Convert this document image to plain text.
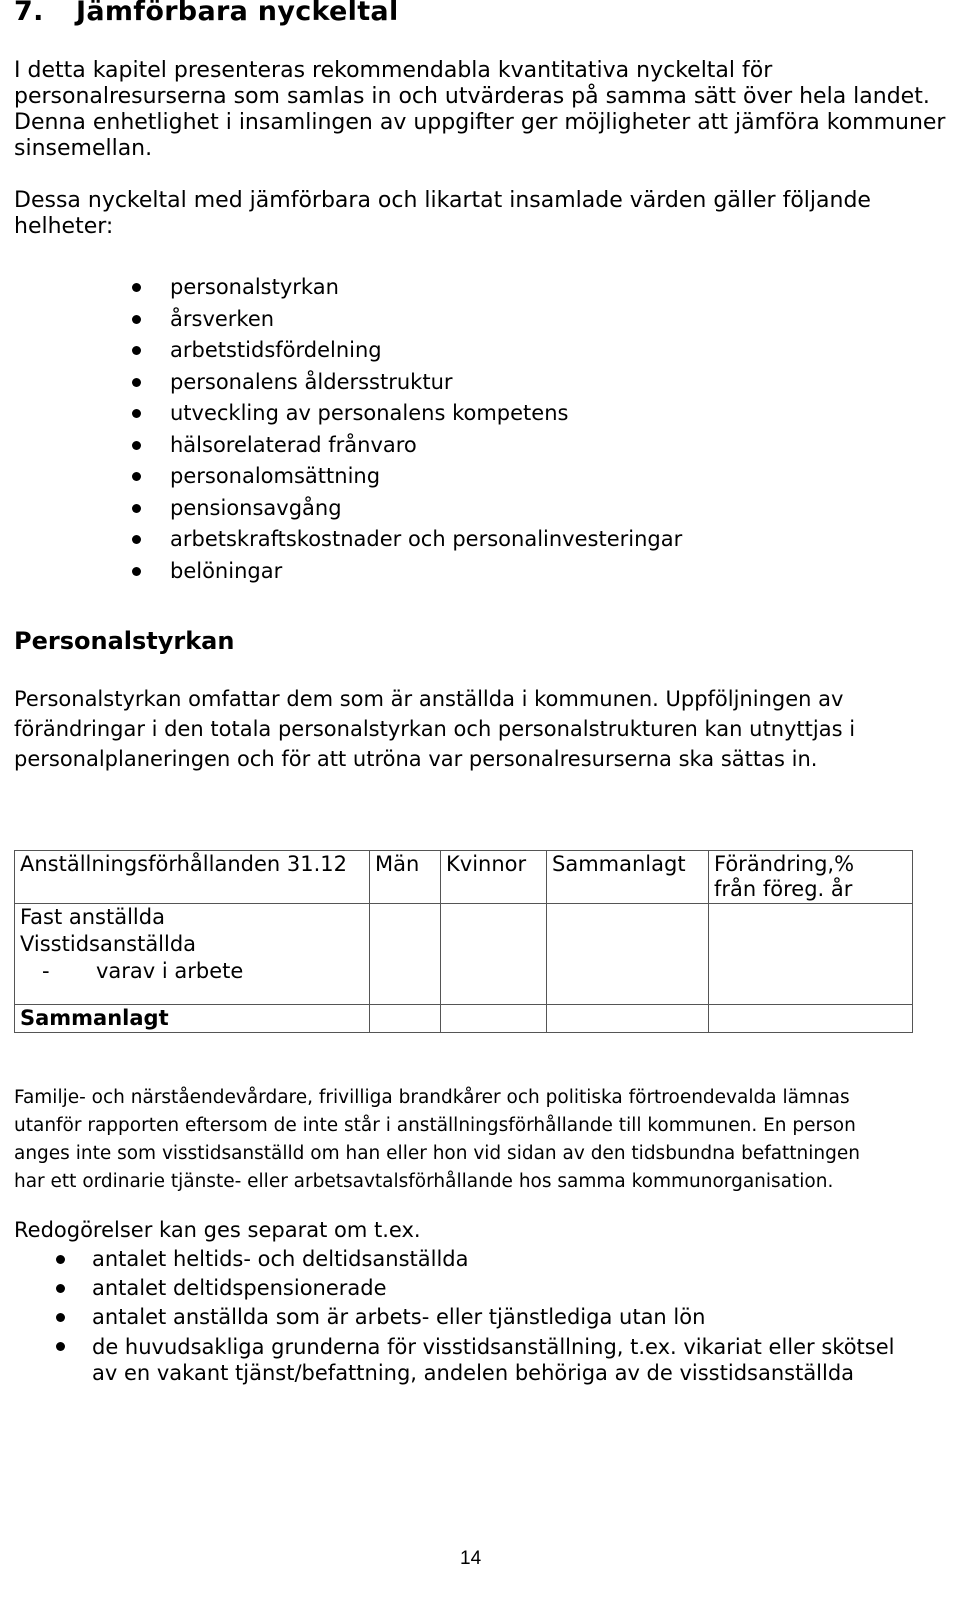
7. Jämförbara nyckeltal
I detta kapitel presenteras rekommendabla kvantitativa nyckeltal för
personalresurserna som samlas in och utvärderas på samma sätt över hela landet.
Denna enhetlighet i insamlingen av uppgifter ger möjligheter att jämföra kommuner
sinsemellan.
Dessa nyckeltal med jämförbara och likartat insamlade värden gäller följande
helheter:
personalstyrkan
årsverken
arbetstidsfördelning
personalens åldersstruktur
utveckling av personalens kompetens
hälsorelaterad frånvaro
personalomsättning
pensionsavgång
arbetskraftskostnader och personalinvesteringar
belöningar
Personalstyrkan
Personalstyrkan omfattar dem som är anställda i kommunen. Uppföljningen av
förändringar i den totala personalstyrkan och personalstrukturen kan utnyttjas i
personalplaneringen och för att utröna var personalresurserna ska sättas in.
Anställningsförhållanden 31.12	Män	Kvinnor	Sammanlagt	Förändring,%
från föreg. år

Fast anställda
Visstidsanställda
- varav i arbete				

Sammanlagt				
Familje- och närståendevårdare, frivilliga brandkårer och politiska förtroendevalda lämnas
utanför rapporten eftersom de inte står i anställningsförhållande till kommunen. En person
anges inte som visstidsanställd om han eller hon vid sidan av den tidsbundna befattningen
har ett ordinarie tjänste- eller arbetsavtalsförhållande hos samma kommunorganisation.
Redogörelser kan ges separat om t.ex.
antalet heltids- och deltidsanställda
antalet deltidspensionerade
antalet anställda som är arbets- eller tjänstlediga utan lön
de huvudsakliga grunderna för visstidsanställning, t.ex. vikariat eller skötsel
av en vakant tjänst/befattning, andelen behöriga av de visstidsanställda
14
